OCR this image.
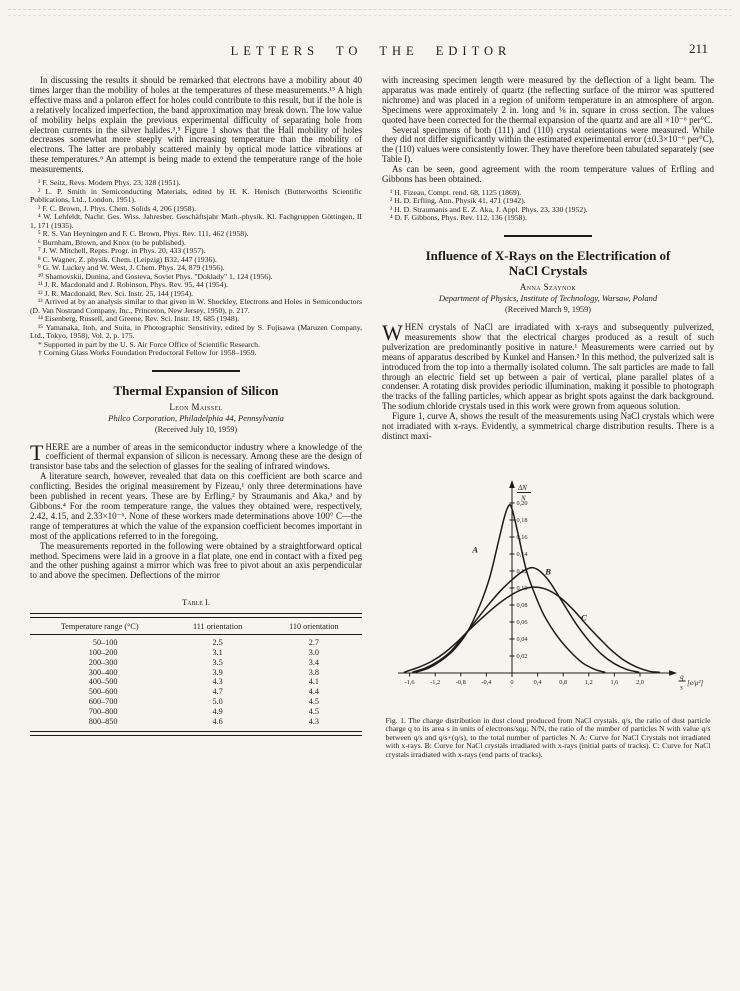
LETTERS TO THE EDITOR	211

In discussing the results it should be remarked that electrons have a mobility about 40 times larger than the mobility of holes at the temperatures of these measurements.¹⁵ A high effective mass and a polaron effect for holes could contribute to this result, but if the hole is a relatively localized imperfection, the band approximation may break down. The low value of mobility helps explain the previous experimental difficulty of separating hole from electron currents in the silver halides.³,⁵ Figure 1 shows that the Hall mobility of holes decreases somewhat more steeply with increasing temperature than the mobility of electrons. The latter are probably scattered mainly by optical mode lattice vibrations at these temperatures.⁶ An attempt is being made to extend the temperature range of the hole measurements.

¹ F. Seitz, Revs. Modern Phys. 23, 328 (1951).

² L. P. Smith in Semiconducting Materials, edited by H. K. Henisch (Butterworths Scientific Publications, Ltd., London, 1951).

³ F. C. Brown, J. Phys. Chem. Solids 4, 206 (1958).

⁴ W. Lehfeldt, Nachr. Ges. Wiss. Jahresber. Geschäftsjahr Math.-physik. Kl. Fachgruppen Göttingen, II 1, 171 (1935).

⁵ R. S. Van Heyningen and F. C. Brown, Phys. Rev. 111, 462 (1958).

⁶ Burnham, Brown, and Knox (to be published).

⁷ J. W. Mitchell, Repts. Progr. in Phys. 20, 433 (1957).

⁸ C. Wagner, Z. physik. Chem. (Leipzig) B32, 447 (1936).

⁹ G. W. Luckey and W. West, J. Chem. Phys. 24, 879 (1956).

¹⁰ Shamovskii, Dunina, and Gosteva, Soviet Phys. "Doklady" 1, 124 (1956).

¹¹ J. R. Macdonald and J. Robinson, Phys. Rev. 95, 44 (1954).

¹² J. R. Macdonald, Rev. Sci. Instr. 25, 144 (1954).

¹³ Arrived at by an analysis similar to that given in W. Shockley, Electrons and Holes in Semiconductors (D. Van Nostrand Company, Inc., Princeton, New Jersey, 1950), p. 217.

¹⁴ Eisenberg, Russell, and Greene, Rev. Sci. Instr. 19, 685 (1948).

¹⁵ Yamanaka, Itoh, and Suita, in Photographic Sensitivity, edited by S. Fujisawa (Maruzen Company, Ltd., Tokyo, 1958), Vol. 2, p. 175.

* Supported in part by the U. S. Air Force Office of Scientific Research.

† Corning Glass Works Foundation Predoctoral Fellow for 1958–1959.

Thermal Expansion of Silicon
Leon Maissel
Philco Corporation, Philadelphia 44, Pennsylvania
(Received July 10, 1959)

THERE are a number of areas in the semiconductor industry where a knowledge of the coefficient of thermal expansion of silicon is necessary. Among these are the design of transistor base tabs and the selection of glasses for the sealing of infrared windows.

A literature search, however, revealed that data on this coefficient are both scarce and conflicting. Besides the original measurement by Fizeau,¹ only three determinations have been published in recent years. These are by Erfling,² by Straumanis and Aka,³ and by Gibbons.⁴ For the room temperature range, the values they obtained were, respectively, 2.42, 4.15, and 2.33×10⁻⁶. None of these workers made determinations above 100° C—the range of temperatures at which the value of the expansion coefficient becomes important in most of the applications referred to in the foregoing.

The measurements reported in the following were obtained by a straightforward optical method. Specimens were laid in a groove in a flat plate, one end in contact with a fixed peg and the other pushing against a mirror which was free to pivot about an axis perpendicular to and above the specimen. Deflections of the mirror

Table I.
Temperature range (°C)	111 orientation	110 orientation
50–100	2.5	2.7
100–200	3.1	3.0
200–300	3.5	3.4
300–400	3.9	3.8
400–500	4.3	4.1
500–600	4.7	4.4
600–700	5.0	4.5
700–800	4.9	4.5
800–850	4.6	4.3

with increasing specimen length were measured by the deflection of a light beam. The apparatus was made entirely of quartz (the reflecting surface of the mirror was sputtered nichrome) and was placed in a region of uniform temperature in an atmosphere of argon. Specimens were approximately 2 in. long and ⅛ in. square in cross section. The values quoted have been corrected for the thermal expansion of the quartz and are all ×10⁻⁶ per°C.

Several specimens of both (111) and (110) crystal orientations were measured. While they did not differ significantly within the estimated experimental error (±0.3×10⁻⁶ per°C), the (110) values were consistently lower. They have therefore been tabulated separately (see Table I).

As can be seen, good agreement with the room temperature values of Erfling and Gibbons has been obtained.

¹ H. Fizeau, Compt. rend. 68, 1125 (1869).

² H. D. Erfling, Ann. Physik 41, 471 (1942).

³ H. D. Straumanis and E. Z. Aka, J. Appl. Phys. 23, 330 (1952).

⁴ D. F. Gibbons, Phys. Rev. 112, 136 (1958).

Influence of X-Rays on the Electrification of NaCl Crystals
Anna Szaynok
Department of Physics, Institute of Technology, Warsaw, Poland
(Received March 9, 1959)

WHEN crystals of NaCl are irradiated with x-rays and subsequently pulverized, measurements show that the electrical charges produced as a result of such pulverization are predominantly positive in nature.¹ Measurements were carried out by means of apparatus described by Kunkel and Hansen.² In this method, the pulverized salt is introduced from the top into a thermally isolated column. The salt particles are made to fall through an electric field set up between a pair of vertical, plane parallel plates of a condenser. A rotating disk provides periodic illumination, making it possible to photograph the tracks of the falling particles, which appear as bright spots against the dark background. The sodium chloride crystals used in this work were grown from aqueous solution.

Figure 1, curve A, shows the result of the measurements using NaCl crystals which were not irradiated with x-rays. Evidently, a symmetrical charge distribution results. There is a distinct maxi-

-1,6 -1,2 -0,8 -0,4	0	0,4	0,8	1,2	1,6	2,0
0,02
0,04
0,06
0,08
0,10
0,12
0,14
0,16
0,18
0,20
ΔN
N
q
s
[e/μ²]
A
B
C

Fig. 1. The charge distribution in dust cloud produced from NaCl crystals. q/s, the ratio of dust particle charge q to its area s in units of electrons/sqμ; N/N, the ratio of the number of particles N with value q/s between q/s and q/s+(q/s), to the total number of particles N. A: Curve for NaCl Crystals not irradiated with x-rays. B: Curve for NaCl crystals irradiated with x-rays (initial parts of tracks). C: Curve for NaCl crystals irradiated with x-rays (end parts of tracks).
